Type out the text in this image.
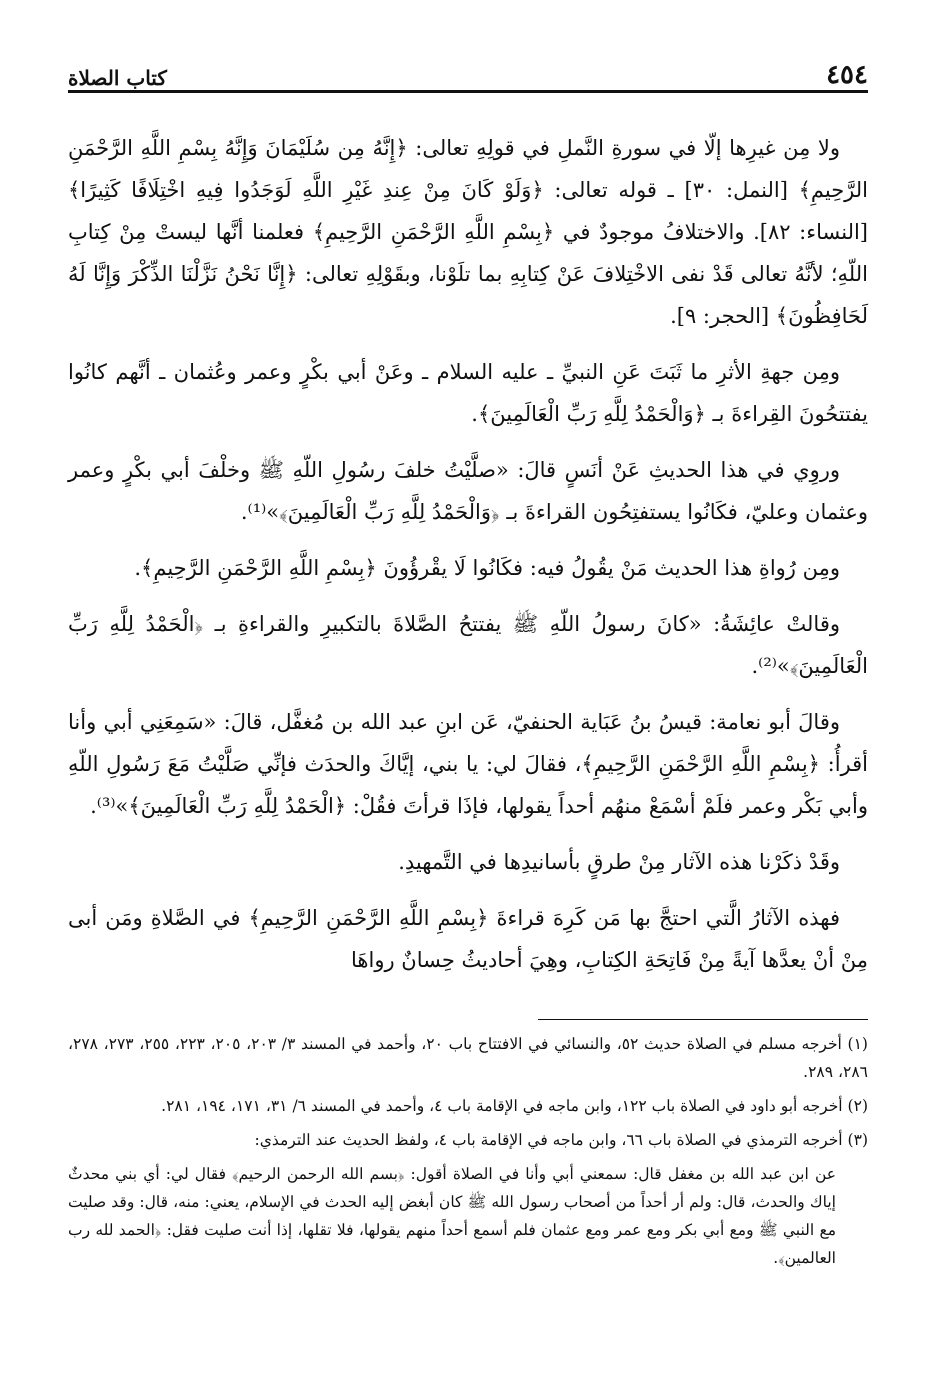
٤٥٤
كتاب الصلاة

ولا مِن غيرِها إلّا في سورةِ النَّملِ في قولِهِ تعالى: ﴿إِنَّهُ مِن سُلَيْمَانَ وَإِنَّهُ بِسْمِ اللَّهِ الرَّحْمَنِ الرَّحِيمِ﴾ [النمل: ٣٠] ـ قوله تعالى: ﴿وَلَوْ كَانَ مِنْ عِندِ غَيْرِ اللَّهِ لَوَجَدُوا فِيهِ اخْتِلَافًا كَثِيرًا﴾ [النساء: ٨٢]. والاختلافُ موجودٌ في ﴿بِسْمِ اللَّهِ الرَّحْمَنِ الرَّحِيمِ﴾ فعلمنا أنَّها ليستْ مِنْ كِتابِ اللّهِ؛ لأنَّهُ تعالى قَدْ نفى الاخْتِلافَ عَنْ كِتابِهِ بما تلَوْنا، وبقَوْلِهِ تعالى: ﴿إِنَّا نَحْنُ نَزَّلْنَا الذِّكْرَ وَإِنَّا لَهُ لَحَافِظُونَ﴾ [الحجر: ٩].

ومِن جهةِ الأثرِ ما ثَبَتَ عَنِ النبيِّ ـ عليه السلام ـ وعَنْ أبي بكْرٍ وعمر وعُثمان ـ أنَّهم كانُوا يفتتحُونَ القِراءةَ بـ ﴿وَالْحَمْدُ لِلَّهِ رَبِّ الْعَالَمِينَ﴾.

وروِي في هذا الحديثِ عَنْ أنَسٍ قالَ: «صلَّيْتُ خلفَ رسُولِ اللّهِ ﷺ وخلْفَ أبي بكْرٍ وعمر وعثمان وعليّ، فكَانُوا يستفتِحُون القراءةَ بـ ﴿وَالْحَمْدُ لِلَّهِ رَبِّ الْعَالَمِينَ﴾»⁽¹⁾.

ومِن رُواةِ هذا الحديث مَنْ يقُولُ فيه: فكَانُوا لَا يقْرؤُونَ ﴿بِسْمِ اللَّهِ الرَّحْمَنِ الرَّحِيمِ﴾.

وقالتْ عائِشَةُ: «كانَ رسولُ اللّهِ ﷺ يفتتحُ الصَّلاةَ بالتكبيرِ والقراءةِ بـ ﴿الْحَمْدُ لِلَّهِ رَبِّ الْعَالَمِينَ﴾»⁽²⁾.

وقالَ أبو نعامة: قيسُ بنُ عَبَاية الحنفيّ، عَن ابنِ عبد الله بن مُغفَّل، قالَ: «سَمِعَنِي أبي وأنا أقرأُ: ﴿بِسْمِ اللَّهِ الرَّحْمَنِ الرَّحِيمِ﴾، فقالَ لي: يا بني، إيَّاكَ والحدَث فإنِّي صَلَّيْتُ مَعَ رَسُولِ اللّهِ وأبي بَكْر وعمر فلَمْ أسْمَعْ منهُم أحداً يقولها، فإذَا قرأتَ فقُلْ: ﴿الْحَمْدُ لِلَّهِ رَبِّ الْعَالَمِينَ﴾»⁽³⁾.

وقَدْ ذكَرْنا هذه الآثار مِنْ طرقٍ بأسانيدِها في التَّمهيدِ.

فهذه الآثارُ الَّتي احتجَّ بها مَن كَرِهَ قراءةَ ﴿بِسْمِ اللَّهِ الرَّحْمَنِ الرَّحِيمِ﴾ في الصَّلاةِ ومَن أبى مِنْ أنْ يعدَّها آيةً مِنْ فَاتِحَةِ الكِتابِ، وهِيَ أحاديثُ حِسانٌ رواهَا

(١) أخرجه مسلم في الصلاة حديث ٥٢، والنسائي في الافتتاح باب ٢٠، وأحمد في المسند ٣/ ٢٠٣، ٢٠٥، ٢٢٣، ٢٥٥، ٢٧٣، ٢٧٨، ٢٨٦، ٢٨٩.

(٢) أخرجه أبو داود في الصلاة باب ١٢٢، وابن ماجه في الإقامة باب ٤، وأحمد في المسند ٦/ ٣١، ١٧١، ١٩٤، ٢٨١.

(٣) أخرجه الترمذي في الصلاة باب ٦٦، وابن ماجه في الإقامة باب ٤، ولفظ الحديث عند الترمذي:

عن ابن عبد الله بن مغفل قال: سمعني أبي وأنا في الصلاة أقول: ﴿بسم الله الرحمن الرحيم﴾ فقال لي: أي بني محدثٌ إياك والحدث، قال: ولم أر أحداً من أصحاب رسول الله ﷺ كان أبغض إليه الحدث في الإسلام، يعني: منه، قال: وقد صليت مع النبي ﷺ ومع أبي بكر ومع عمر ومع عثمان فلم أسمع أحداً منهم يقولها، فلا تقلها، إذا أنت صليت فقل: ﴿الحمد لله رب العالمين﴾.
